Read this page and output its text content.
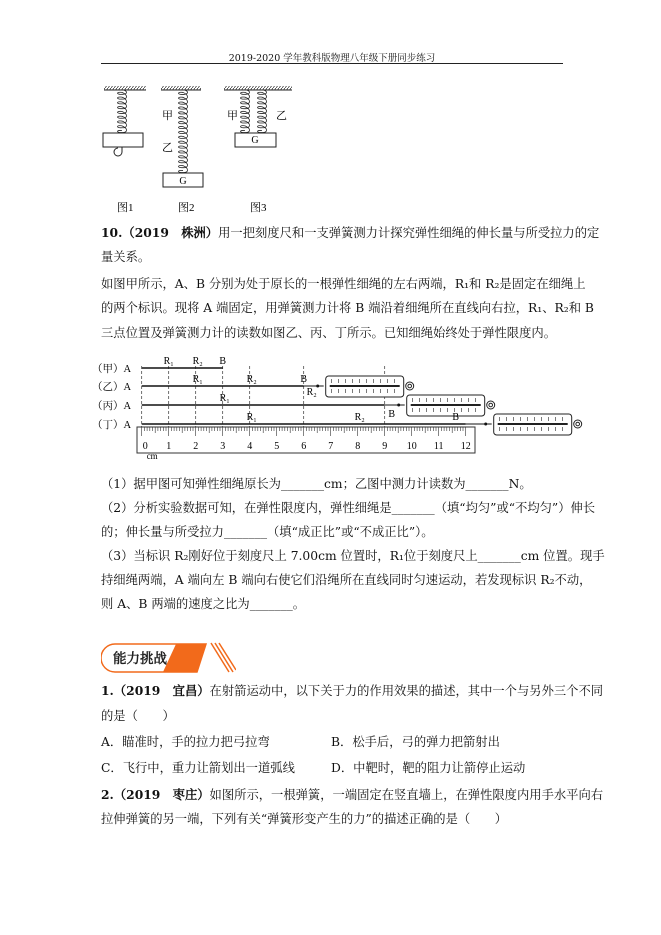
2019-2020 学年教科版物理八年级下册同步练习
G
甲
乙
G
甲	乙
图1	图2	图3
10.（2019　株洲）用一把刻度尺和一支弹簧测力计探究弹性细绳的伸长量与所受拉力的定
量关系。
如图甲所示，A、B 分别为处于原长的一根弹性细绳的左右两端，R₁和 R₂是固定在细绳上
的两个标识。现将 A 端固定，用弹簧测力计将 B 端沿着细绳所在直线向右拉，R₁、R₂和 B
三点位置及弹簧测力计的读数如图乙、丙、丁所示。已知细绳始终处于弹性限度内。
0 1 2 3 4 5 6 7 8 9 10 11 12
cm
（甲）A
R₁ R₂ B
（乙）A
R₁	R₂	B
（丙）A
R₁
R₂
B
（丁）A
R₁	R₂	B
（1）据甲图可知弹性细绳原长为_______cm；乙图中测力计读数为_______N。
（2）分析实验数据可知，在弹性限度内，弹性细绳是_______（填“均匀”或“不均匀”）伸长
的；伸长量与所受拉力_______（填“成正比”或“不成正比”）。
（3）当标识 R₂刚好位于刻度尺上 7.00cm 位置时，R₁位于刻度尺上_______cm 位置。现手
持细绳两端，A 端向左 B 端向右使它们沿绳所在直线同时匀速运动，若发现标识 R₂不动，
则 A、B 两端的速度之比为_______。
能力挑战
1.（2019　宜昌）在射箭运动中，以下关于力的作用效果的描述，其中一个与另外三个不同
的是（　　）
A．瞄准时，手的拉力把弓拉弯	B．松手后，弓的弹力把箭射出
C．飞行中，重力让箭划出一道弧线	D．中靶时，靶的阻力让箭停止运动
2.（2019　枣庄）如图所示，一根弹簧，一端固定在竖直墙上，在弹性限度内用手水平向右
拉伸弹簧的另一端，下列有关“弹簧形变产生的力”的描述正确的是（　　）
